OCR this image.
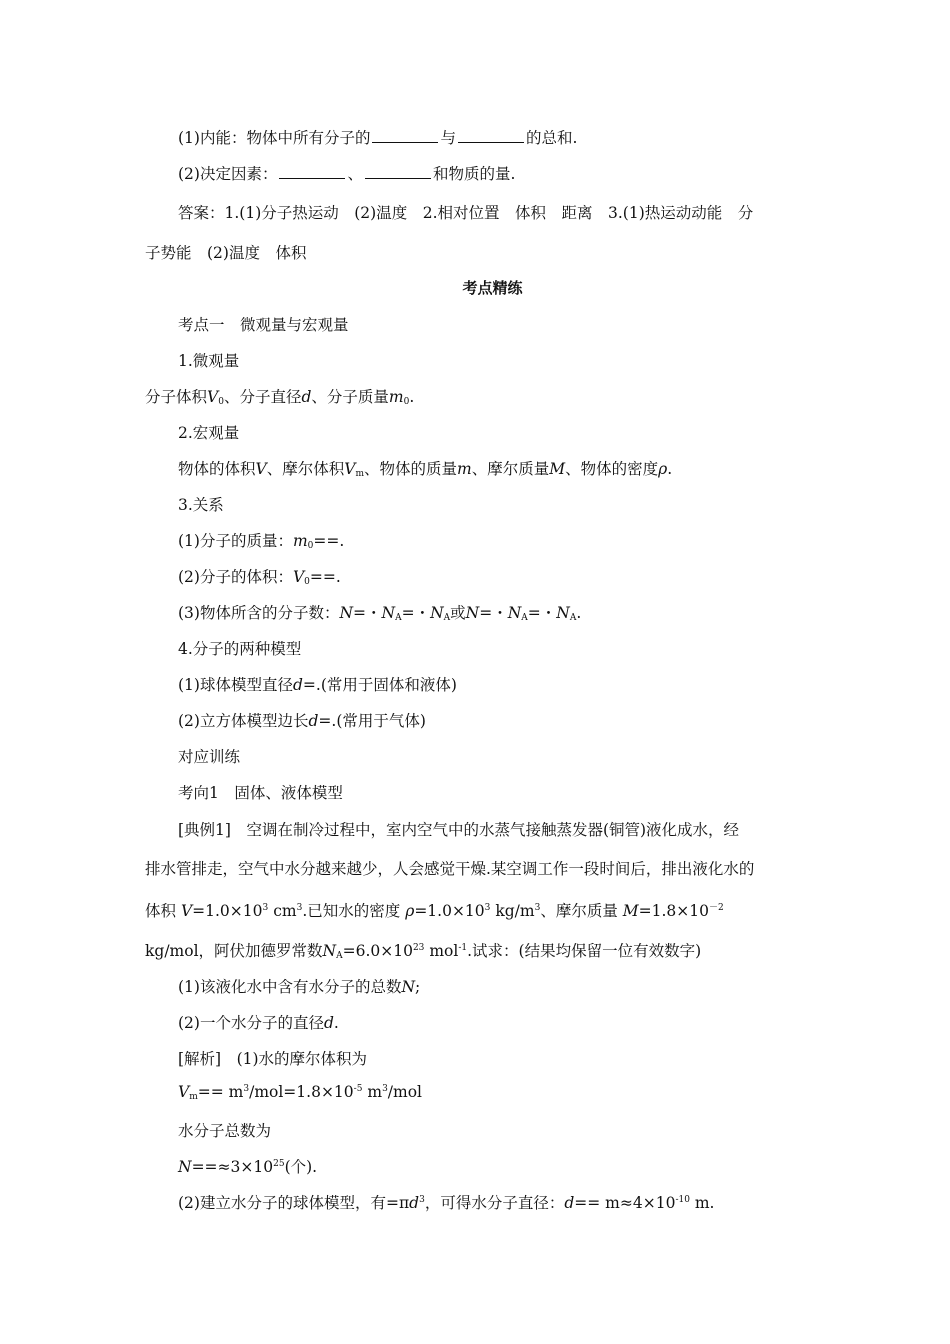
(1)内能：物体中所有分子的	与	的总和.
(2)决定因素：	、	和物质的量.
答案：1.(1)分子热运动　(2)温度　2.相对位置　体积　距离　3.(1)热运动动能　分
子势能　(2)温度　体积
考点精练
考点一　微观量与宏观量
1.微观量
分子体积$V_0$、分子直径d、分子质量$m_0$.
2.宏观量
物体的体积V、摩尔体积$V_m$、物体的质量m、摩尔质量M、物体的密度ρ.
3.关系
(1)分子的质量：$m_0==$.
(2)分子的体积：$V_0==$.
(3)物体所含的分子数：N=・$N_A=$・$N_A$或N=・$N_A=$・$N_A$.
4.分子的两种模型
(1)球体模型直径d=.(常用于固体和液体)
(2)立方体模型边长d=.(常用于气体)
对应训练
考向1　固体、液体模型
[典例1]　空调在制冷过程中，室内空气中的水蒸气接触蒸发器(铜管)液化成水，经
排水管排走，空气中水分越来越少，人会感觉干燥.某空调工作一段时间后，排出液化水的
体积 $V=1.0\times 10^3$ $cm^3$.已知水的密度 $\rho=1.0\times 10^3$ $kg/m^3$、摩尔质量 $M=1.8\times 10^{-2}$
kg/mol，阿伏加德罗常数$N_A=6.0\times 10^{23}$ mol$^{-1}$.试求：(结果均保留一位有效数字)
(1)该液化水中含有水分子的总数N;
(2)一个水分子的直径d.
[解析]　(1)水的摩尔体积为
$V_m== m^3/mol=1.8\times 10^{-5}$ $m^3$/mol
水分子总数为
$N==\approx 3\times 10^{25}$(个).
(2)建立水分子的球体模型，有$=\pi d^3$，可得水分子直径：$d== m\approx 4\times 10^{-10}$ m.
